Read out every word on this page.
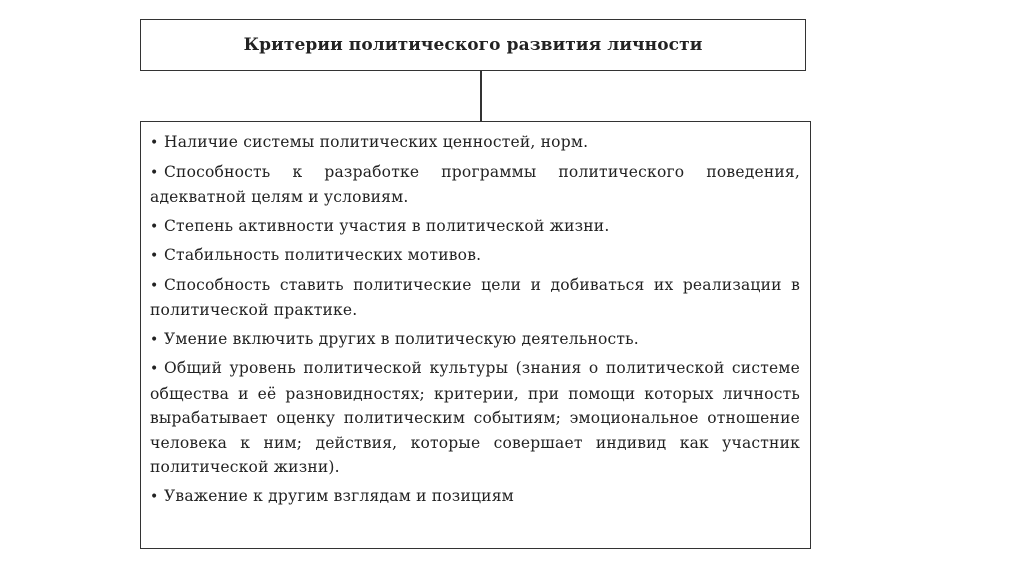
Критерии политического развития личности
• Наличие системы политических ценностей, норм.
• Способность к разработке программы политического поведения, адекватной целям и условиям.
• Степень активности участия в политической жизни.
• Стабильность политических мотивов.
• Способность ставить политические цели и добиваться их реализации в политической практике.
• Умение включить других в политическую деятельность.
• Общий уровень политической культуры (знания о политической системе общества и её разновидностях; критерии, при помощи которых личность вырабатывает оценку политическим событиям; эмоциональное отношение человека к ним; действия, которые совершает индивид как участник политической жизни).
• Уважение к другим взглядам и позициям
